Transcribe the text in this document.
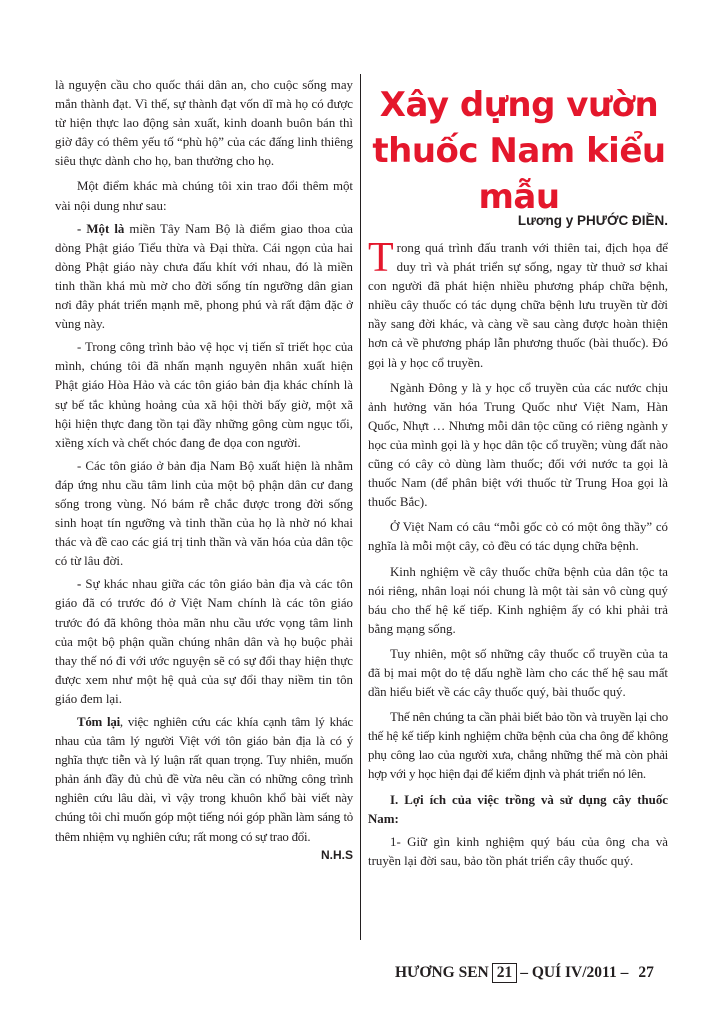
là nguyện cầu cho quốc thái dân an, cho cuộc sống may mắn thành đạt. Vì thế, sự thành đạt vốn dĩ mà họ có được từ hiện thực lao động sản xuất, kinh doanh buôn bán thì giờ đây có thêm yếu tố “phù hộ” của các đấng linh thiêng siêu thực dành cho họ, ban thưởng cho họ.

Một điểm khác mà chúng tôi xin trao đổi thêm một vài nội dung như sau:

- Một là miền Tây Nam Bộ là điểm giao thoa của dòng Phật giáo Tiểu thừa và Đại thừa. Cái ngọn của hai dòng Phật giáo này chưa đấu khít với nhau, đó là miền tinh thần khá mù mờ cho đời sống tín ngưỡng dân gian nơi đây phát triển mạnh mẽ, phong phú và rất đậm đặc ở vùng này.

- Trong công trình bảo vệ học vị tiến sĩ triết học của mình, chúng tôi đã nhấn mạnh nguyên nhân xuất hiện Phật giáo Hòa Hảo và các tôn giáo bản địa khác chính là sự bế tắc khủng hoảng của xã hội thời bấy giờ, một xã hội hiện thực đang tồn tại đầy những gông cùm ngục tối, xiềng xích và chết chóc đang đe dọa con người.

- Các tôn giáo ở bản địa Nam Bộ xuất hiện là nhằm đáp ứng nhu cầu tâm linh của một bộ phận dân cư đang sống trong vùng. Nó bám rễ chắc được trong đời sống sinh hoạt tín ngưỡng và tinh thần của họ là nhờ nó khai thác và đề cao các giá trị tinh thần và văn hóa của dân tộc có từ lâu đời.

- Sự khác nhau giữa các tôn giáo bản địa và các tôn giáo đã có trước đó ở Việt Nam chính là các tôn giáo trước đó đã không thỏa mãn nhu cầu ước vọng tâm linh của một bộ phận quần chúng nhân dân và họ buộc phải thay thế nó đi với ước nguyện sẽ có sự đổi thay hiện thực được xem như một hệ quả của sự đổi thay niềm tin tôn giáo đem lại.

Tóm lại, việc nghiên cứu các khía cạnh tâm lý khác nhau của tâm lý người Việt với tôn giáo bản địa là có ý nghĩa thực tiễn và lý luận rất quan trọng. Tuy nhiên, muốn phản ánh đầy đủ chủ đề vừa nêu cần có những công trình nghiên cứu lâu dài, vì vậy trong khuôn khổ bài viết này chúng tôi chỉ muốn góp một tiếng nói góp phần làm sáng tỏ thêm nhiệm vụ nghiên cứu; rất mong có sự trao đổi.

N.H.S
Xây dựng vườn thuốc Nam kiểu mẫu

Lương y PHƯỚC ĐIỀN.

Trong quá trình đấu tranh với thiên tai, địch họa để duy trì và phát triển sự sống, ngay từ thuở sơ khai con người đã phát hiện nhiều phương pháp chữa bệnh, nhiều cây thuốc có tác dụng chữa bệnh lưu truyền từ đời nầy sang đời khác, và càng về sau càng được hoàn thiện hơn cả về phương pháp lẫn phương thuốc (bài thuốc). Đó gọi là y học cổ truyền.

Ngành Đông y là y học cổ truyền của các nước chịu ảnh hưởng văn hóa Trung Quốc như Việt Nam, Hàn Quốc, Nhựt … Nhưng mỗi dân tộc cũng có riêng ngành y học của mình gọi là y học dân tộc cổ truyền; vùng đất nào cũng có cây cỏ dùng làm thuốc; đối với nước ta gọi là thuốc Nam (để phân biệt với thuốc từ Trung Hoa gọi là thuốc Bắc).

Ở Việt Nam có câu “mỗi gốc cỏ có một ông thầy” có nghĩa là mỗi một cây, cỏ đều có tác dụng chữa bệnh.

Kinh nghiệm về cây thuốc chữa bệnh của dân tộc ta nói riêng, nhân loại nói chung là một tài sản vô cùng quý báu cho thế hệ kế tiếp. Kinh nghiệm ấy có khi phải trả bằng mạng sống.

Tuy nhiên, một số những cây thuốc cổ truyền của ta đã bị mai một do tệ dấu nghề làm cho các thế hệ sau mất dần hiểu biết về các cây thuốc quý, bài thuốc quý.

Thế nên chúng ta cần phải biết bảo tồn và truyền lại cho thế hệ kế tiếp kinh nghiệm chữa bệnh của cha ông để không phụ công lao của người xưa, chẳng những thế mà còn phải hợp với y học hiện đại để kiểm định và phát triển nó lên.

I. Lợi ích của việc trồng và sử dụng cây thuốc Nam:

1- Giữ gìn kinh nghiệm quý báu của ông cha và truyền lại đời sau, bảo tồn phát triển cây thuốc quý.

HƯƠNG SEN 21 – QUÍ IV/2011 – 27
